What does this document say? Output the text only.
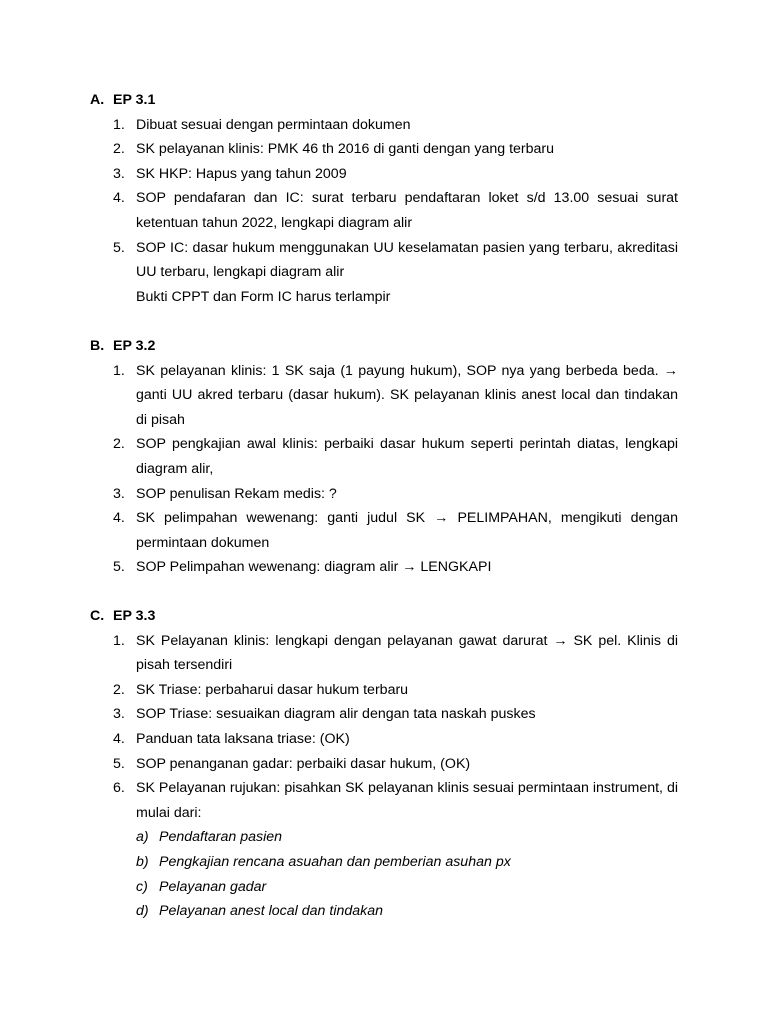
A. EP 3.1
1. Dibuat sesuai dengan permintaan dokumen
2. SK pelayanan klinis: PMK 46 th 2016 di ganti dengan yang terbaru
3. SK HKP: Hapus yang tahun 2009
4. SOP pendafaran dan IC: surat terbaru pendaftaran loket s/d 13.00 sesuai surat ketentuan tahun 2022, lengkapi diagram alir
5. SOP IC: dasar hukum menggunakan UU keselamatan pasien yang terbaru, akreditasi UU terbaru, lengkapi diagram alir
Bukti CPPT dan Form IC harus terlampir
B. EP 3.2
1. SK pelayanan klinis: 1 SK saja (1 payung hukum), SOP nya yang berbeda beda. → ganti UU akred terbaru (dasar hukum). SK pelayanan klinis anest local dan tindakan di pisah
2. SOP pengkajian awal klinis: perbaiki dasar hukum seperti perintah diatas, lengkapi diagram alir,
3. SOP penulisan Rekam medis: ?
4. SK pelimpahan wewenang: ganti judul SK → PELIMPAHAN, mengikuti dengan permintaan dokumen
5. SOP Pelimpahan wewenang: diagram alir → LENGKAPI
C. EP 3.3
1. SK Pelayanan klinis: lengkapi dengan pelayanan gawat darurat → SK pel. Klinis di pisah tersendiri
2. SK Triase: perbaharui dasar hukum terbaru
3. SOP Triase: sesuaikan diagram alir dengan tata naskah puskes
4. Panduan tata laksana triase: (OK)
5. SOP penanganan gadar: perbaiki dasar hukum, (OK)
6. SK Pelayanan rujukan: pisahkan SK pelayanan klinis sesuai permintaan instrument, di mulai dari:
a) Pendaftaran pasien
b) Pengkajian rencana asuahan dan pemberian asuhan px
c) Pelayanan gadar
d) Pelayanan anest local dan tindakan
